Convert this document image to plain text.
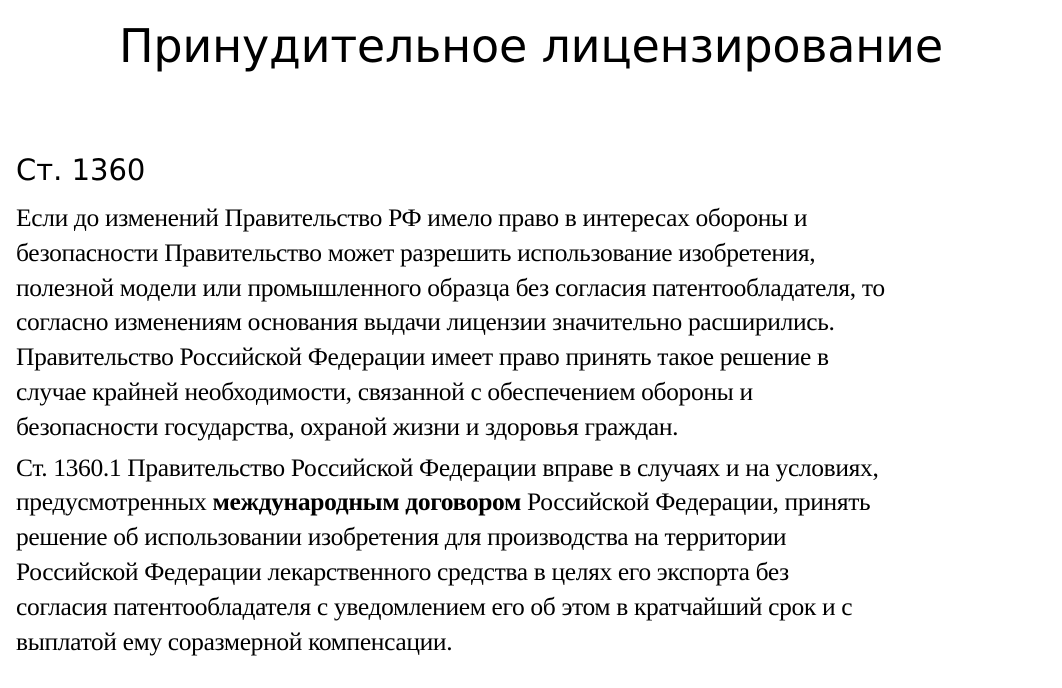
Принудительное лицензирование
Ст. 1360

Если до изменений Правительство РФ имело право в интересах обороны и
безопасности Правительство может разрешить использование изобретения,
полезной модели или промышленного образца без согласия патентообладателя, то
согласно изменениям основания выдачи лицензии значительно расширились.
Правительство Российской Федерации имеет право принять такое решение в
случае крайней необходимости, связанной с обеспечением обороны и
безопасности государства, охраной жизни и здоровья граждан.

Ст. 1360.1 Правительство Российской Федерации вправе в случаях и на условиях,
предусмотренных международным договором Российской Федерации, принять
решение об использовании изобретения для производства на территории
Российской Федерации лекарственного средства в целях его экспорта без
согласия патентообладателя с уведомлением его об этом в кратчайший срок и с
выплатой ему соразмерной компенсации.
